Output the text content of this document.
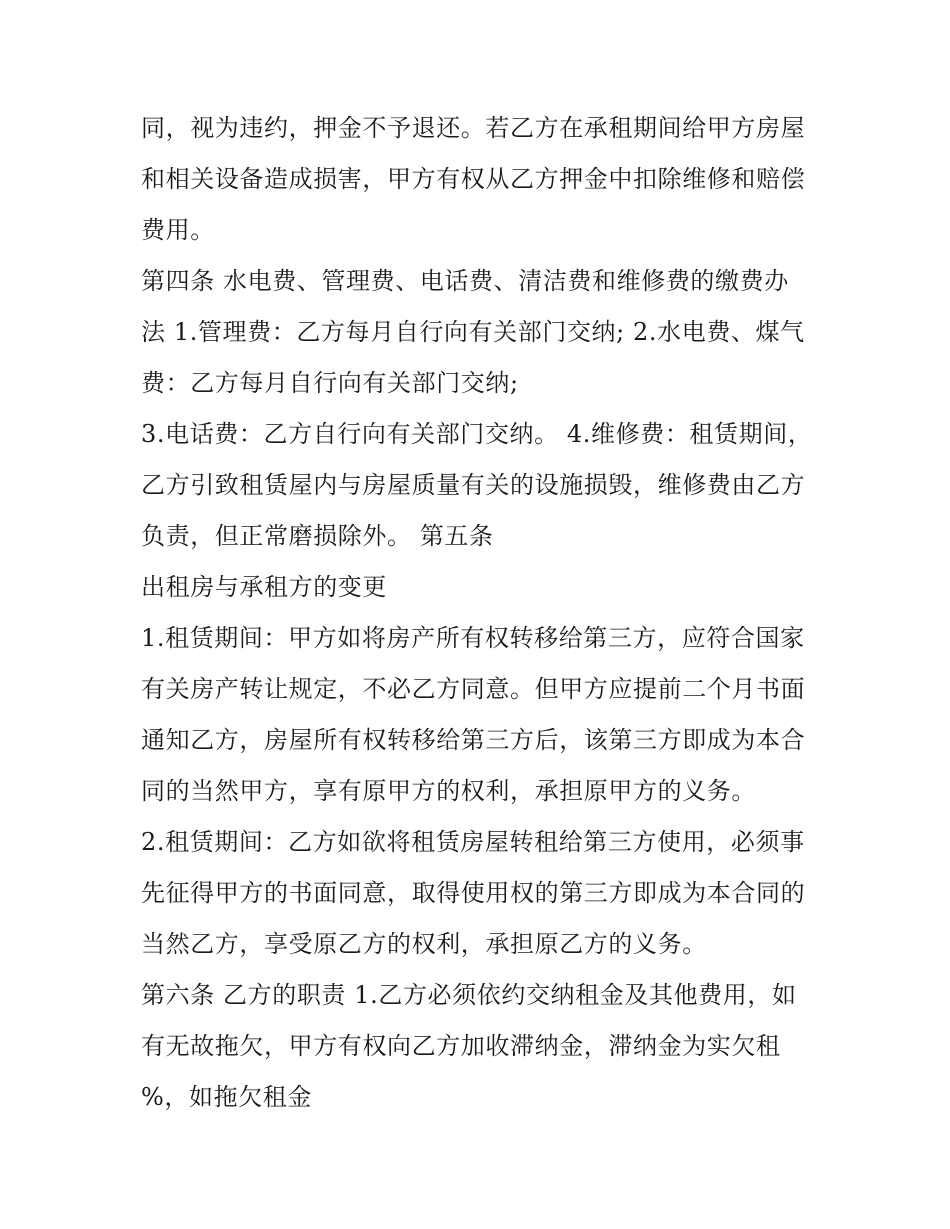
同，视为违约，押金不予退还。若乙方在承租期间给甲方房屋
和相关设备造成损害，甲方有权从乙方押金中扣除维修和赔偿
费用。
第四条 水电费、管理费、电话费、清洁费和维修费的缴费办
法 1.管理费：乙方每月自行向有关部门交纳; 2.水电费、煤气
费：乙方每月自行向有关部门交纳;
3.电话费：乙方自行向有关部门交纳。 4.维修费：租赁期间，
乙方引致租赁屋内与房屋质量有关的设施损毁，维修费由乙方
负责，但正常磨损除外。 第五条
出租房与承租方的变更
1.租赁期间：甲方如将房产所有权转移给第三方，应符合国家
有关房产转让规定，不必乙方同意。但甲方应提前二个月书面
通知乙方，房屋所有权转移给第三方后，该第三方即成为本合
同的当然甲方，享有原甲方的权利，承担原甲方的义务。
2.租赁期间：乙方如欲将租赁房屋转租给第三方使用，必须事
先征得甲方的书面同意，取得使用权的第三方即成为本合同的
当然乙方，享受原乙方的权利，承担原乙方的义务。
第六条 乙方的职责 1.乙方必须依约交纳租金及其他费用，如
有无故拖欠，甲方有权向乙方加收滞纳金，滞纳金为实欠租
%，如拖欠租金
